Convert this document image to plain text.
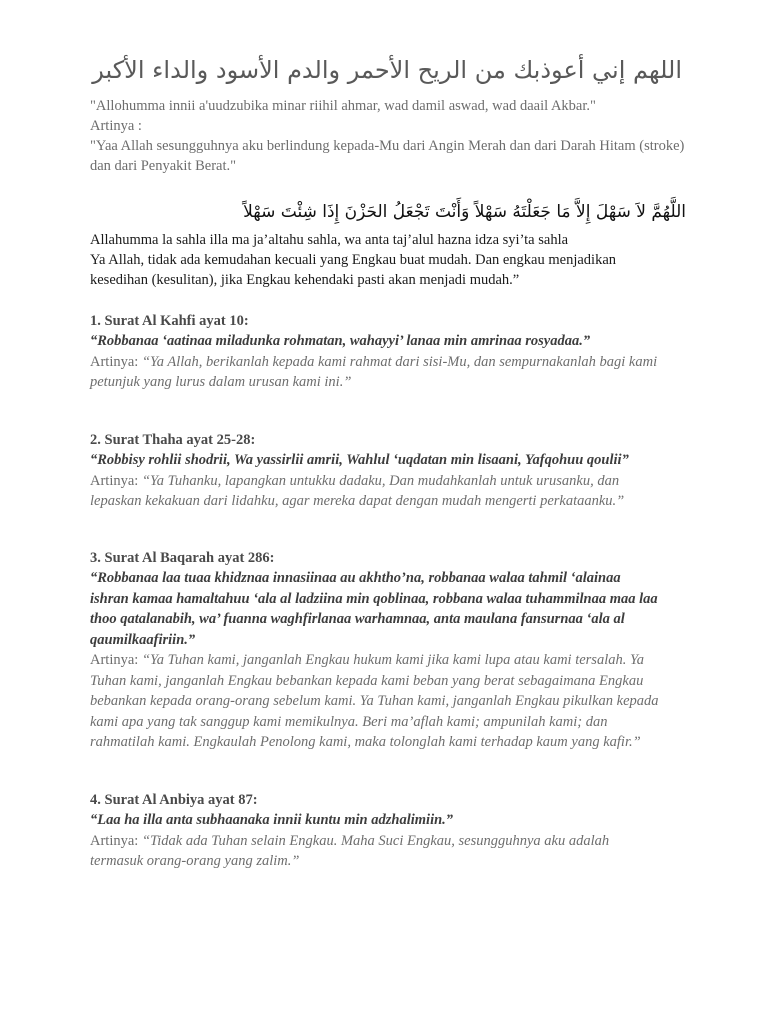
اللهم إني أعوذبك من الريح الأحمر والدم الأسود والداء الأكبر

"Allohumma innii a'uudzubika minar riihil ahmar, wad damil aswad, wad daail Akbar."

Artinya :

"Yaa Allah sesungguhnya aku berlindung kepada-Mu dari Angin Merah dan dari Darah Hitam (stroke) dan dari Penyakit Berat."

اللَّهُمَّ لاَ سَهْلَ إِلاَّ مَا جَعَلْتَهُ سَهْلاً وَأَنْتَ تَجْعَلُ الحَزْنَ إِذَا شِئْتَ سَهْلاً

Allahumma la sahla illa ma ja’altahu sahla, wa anta taj’alul hazna idza syi’ta sahla

Ya Allah, tidak ada kemudahan kecuali yang Engkau buat mudah. Dan engkau menjadikan kesedihan (kesulitan), jika Engkau kehendaki pasti akan menjadi mudah.”

1. Surat Al Kahfi ayat 10:

“Robbanaa ‘aatinaa miladunka rohmatan, wahayyi’ lanaa min amrinaa rosyadaa.”

Artinya: “Ya Allah, berikanlah kepada kami rahmat dari sisi-Mu, dan sempurnakanlah bagi kami petunjuk yang lurus dalam urusan kami ini.”

2. Surat Thaha ayat 25-28:

“Robbisy rohlii shodrii, Wa yassirlii amrii, Wahlul ‘uqdatan min lisaani, Yafqohuu qoulii”

Artinya: “Ya Tuhanku, lapangkan untukku dadaku, Dan mudahkanlah untuk urusanku, dan lepaskan kekakuan dari lidahku, agar mereka dapat dengan mudah mengerti perkataanku.”

3. Surat Al Baqarah ayat 286:

“Robbanaa laa tuaa khidznaa innasiinaa au akhtho’na, robbanaa walaa tahmil ‘alainaa ishran kamaa hamaltahuu ‘ala al ladziina min qoblinaa, robbana walaa tuhammilnaa maa laa thoo qatalanabih, wa’ fuanna waghfirlanaa warhamnaa, anta maulana fansurnaa ‘ala al qaumilkaafiriin.”

Artinya: “Ya Tuhan kami, janganlah Engkau hukum kami jika kami lupa atau kami tersalah. Ya Tuhan kami, janganlah Engkau bebankan kepada kami beban yang berat sebagaimana Engkau bebankan kepada orang-orang sebelum kami. Ya Tuhan kami, janganlah Engkau pikulkan kepada kami apa yang tak sanggup kami memikulnya. Beri ma’aflah kami; ampunilah kami; dan rahmatilah kami. Engkaulah Penolong kami, maka tolonglah kami terhadap kaum yang kafir.”

4. Surat Al Anbiya ayat 87:

“Laa ha illa anta subhaanaka innii kuntu min adzhalimiin.”

Artinya: “Tidak ada Tuhan selain Engkau. Maha Suci Engkau, sesungguhnya aku adalah termasuk orang-orang yang zalim.”
